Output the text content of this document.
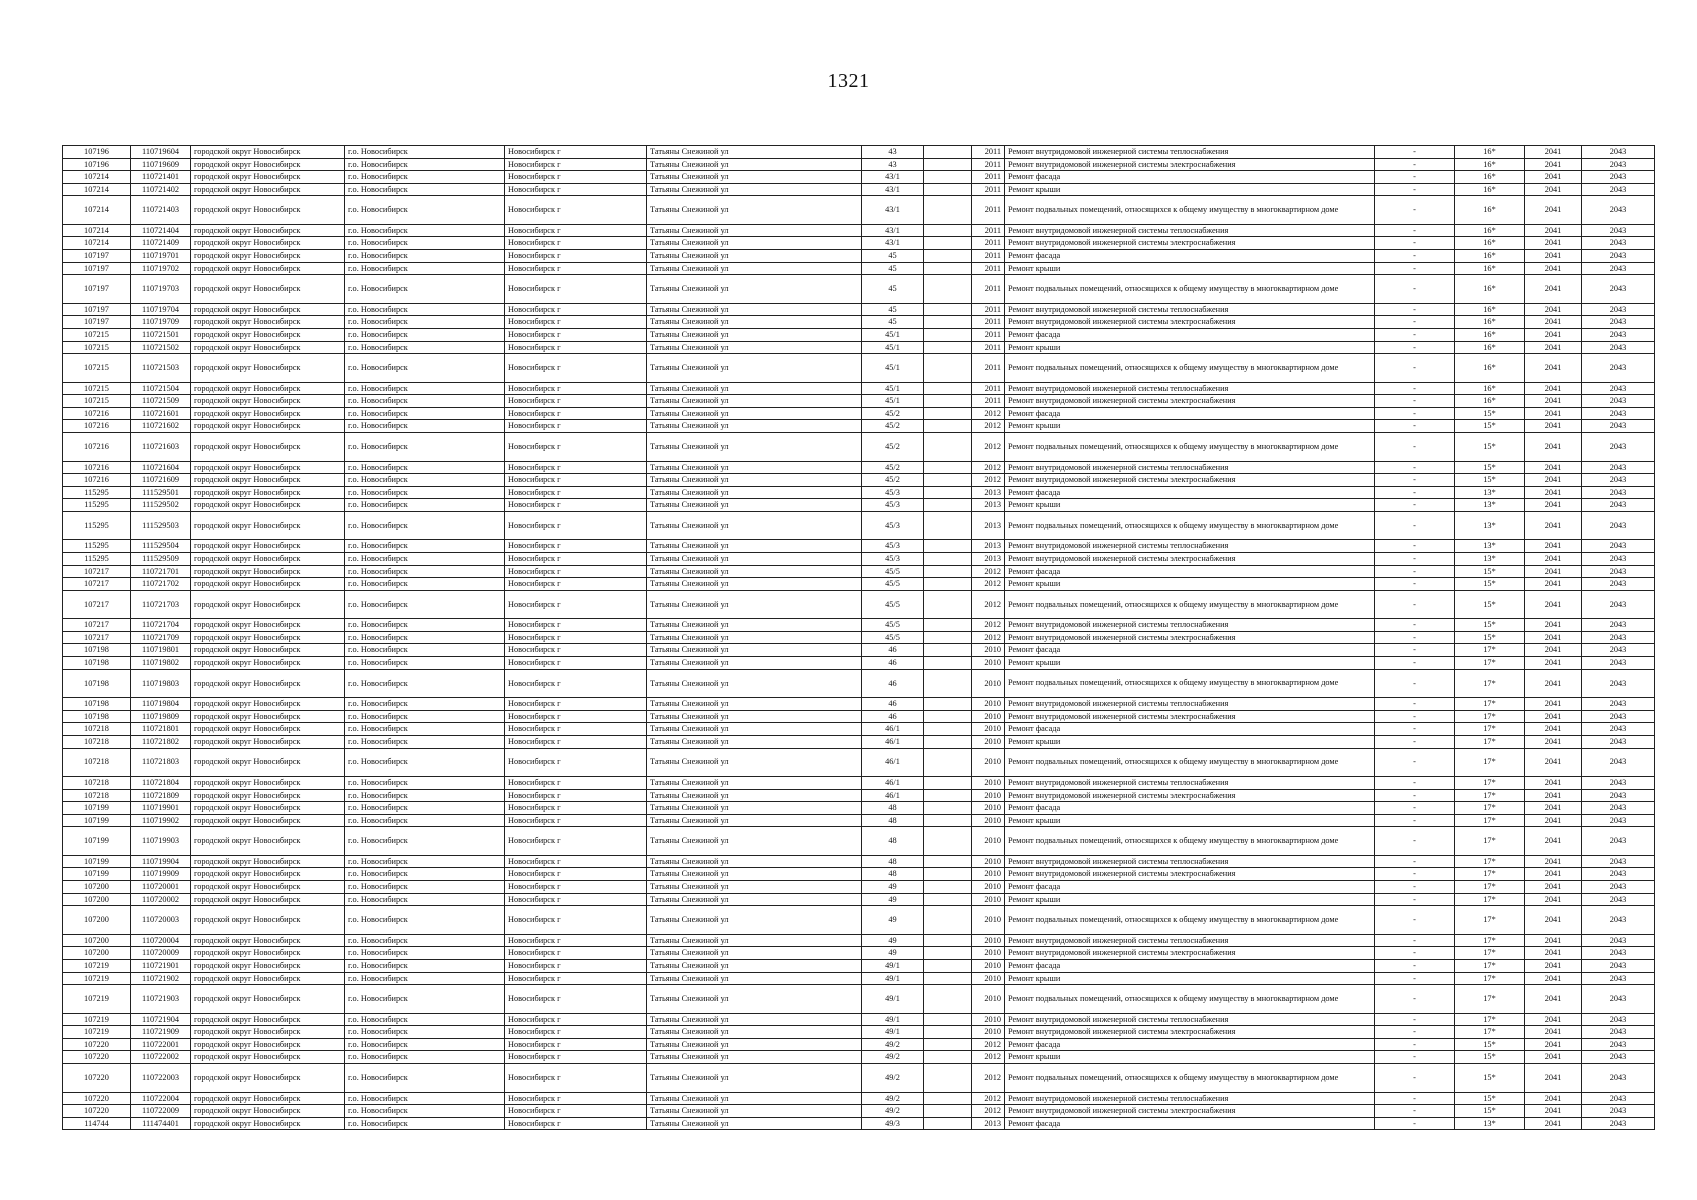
1321
107196	110719604	городской округ Новосибирск	г.о. Новосибирск	Новосибирск г	Татьяны Снежиной ул	43		2011	Ремонт внутридомовой инженерной системы теплоснабжения	-	16*	2041	2043
107196	110719609	городской округ Новосибирск	г.о. Новосибирск	Новосибирск г	Татьяны Снежиной ул	43		2011	Ремонт внутридомовой инженерной системы электроснабжения	-	16*	2041	2043
107214	110721401	городской округ Новосибирск	г.о. Новосибирск	Новосибирск г	Татьяны Снежиной ул	43/1		2011	Ремонт фасада	-	16*	2041	2043
107214	110721402	городской округ Новосибирск	г.о. Новосибирск	Новосибирск г	Татьяны Снежиной ул	43/1		2011	Ремонт крыши	-	16*	2041	2043
107214	110721403	городской округ Новосибирск	г.о. Новосибирск	Новосибирск г	Татьяны Снежиной ул	43/1		2011	Ремонт подвальных помещений, относящихся к общему имуществу в многоквартирном доме	-	16*	2041	2043
107214	110721404	городской округ Новосибирск	г.о. Новосибирск	Новосибирск г	Татьяны Снежиной ул	43/1		2011	Ремонт внутридомовой инженерной системы теплоснабжения	-	16*	2041	2043
107214	110721409	городской округ Новосибирск	г.о. Новосибирск	Новосибирск г	Татьяны Снежиной ул	43/1		2011	Ремонт внутридомовой инженерной системы электроснабжения	-	16*	2041	2043
107197	110719701	городской округ Новосибирск	г.о. Новосибирск	Новосибирск г	Татьяны Снежиной ул	45		2011	Ремонт фасада	-	16*	2041	2043
107197	110719702	городской округ Новосибирск	г.о. Новосибирск	Новосибирск г	Татьяны Снежиной ул	45		2011	Ремонт крыши	-	16*	2041	2043
107197	110719703	городской округ Новосибирск	г.о. Новосибирск	Новосибирск г	Татьяны Снежиной ул	45		2011	Ремонт подвальных помещений, относящихся к общему имуществу в многоквартирном доме	-	16*	2041	2043
107197	110719704	городской округ Новосибирск	г.о. Новосибирск	Новосибирск г	Татьяны Снежиной ул	45		2011	Ремонт внутридомовой инженерной системы теплоснабжения	-	16*	2041	2043
107197	110719709	городской округ Новосибирск	г.о. Новосибирск	Новосибирск г	Татьяны Снежиной ул	45		2011	Ремонт внутридомовой инженерной системы электроснабжения	-	16*	2041	2043
107215	110721501	городской округ Новосибирск	г.о. Новосибирск	Новосибирск г	Татьяны Снежиной ул	45/1		2011	Ремонт фасада	-	16*	2041	2043
107215	110721502	городской округ Новосибирск	г.о. Новосибирск	Новосибирск г	Татьяны Снежиной ул	45/1		2011	Ремонт крыши	-	16*	2041	2043
107215	110721503	городской округ Новосибирск	г.о. Новосибирск	Новосибирск г	Татьяны Снежиной ул	45/1		2011	Ремонт подвальных помещений, относящихся к общему имуществу в многоквартирном доме	-	16*	2041	2043
107215	110721504	городской округ Новосибирск	г.о. Новосибирск	Новосибирск г	Татьяны Снежиной ул	45/1		2011	Ремонт внутридомовой инженерной системы теплоснабжения	-	16*	2041	2043
107215	110721509	городской округ Новосибирск	г.о. Новосибирск	Новосибирск г	Татьяны Снежиной ул	45/1		2011	Ремонт внутридомовой инженерной системы электроснабжения	-	16*	2041	2043
107216	110721601	городской округ Новосибирск	г.о. Новосибирск	Новосибирск г	Татьяны Снежиной ул	45/2		2012	Ремонт фасада	-	15*	2041	2043
107216	110721602	городской округ Новосибирск	г.о. Новосибирск	Новосибирск г	Татьяны Снежиной ул	45/2		2012	Ремонт крыши	-	15*	2041	2043
107216	110721603	городской округ Новосибирск	г.о. Новосибирск	Новосибирск г	Татьяны Снежиной ул	45/2		2012	Ремонт подвальных помещений, относящихся к общему имуществу в многоквартирном доме	-	15*	2041	2043
107216	110721604	городской округ Новосибирск	г.о. Новосибирск	Новосибирск г	Татьяны Снежиной ул	45/2		2012	Ремонт внутридомовой инженерной системы теплоснабжения	-	15*	2041	2043
107216	110721609	городской округ Новосибирск	г.о. Новосибирск	Новосибирск г	Татьяны Снежиной ул	45/2		2012	Ремонт внутридомовой инженерной системы электроснабжения	-	15*	2041	2043
115295	111529501	городской округ Новосибирск	г.о. Новосибирск	Новосибирск г	Татьяны Снежиной ул	45/3		2013	Ремонт фасада	-	13*	2041	2043
115295	111529502	городской округ Новосибирск	г.о. Новосибирск	Новосибирск г	Татьяны Снежиной ул	45/3		2013	Ремонт крыши	-	13*	2041	2043
115295	111529503	городской округ Новосибирск	г.о. Новосибирск	Новосибирск г	Татьяны Снежиной ул	45/3		2013	Ремонт подвальных помещений, относящихся к общему имуществу в многоквартирном доме	-	13*	2041	2043
115295	111529504	городской округ Новосибирск	г.о. Новосибирск	Новосибирск г	Татьяны Снежиной ул	45/3		2013	Ремонт внутридомовой инженерной системы теплоснабжения	-	13*	2041	2043
115295	111529509	городской округ Новосибирск	г.о. Новосибирск	Новосибирск г	Татьяны Снежиной ул	45/3		2013	Ремонт внутридомовой инженерной системы электроснабжения	-	13*	2041	2043
107217	110721701	городской округ Новосибирск	г.о. Новосибирск	Новосибирск г	Татьяны Снежиной ул	45/5		2012	Ремонт фасада	-	15*	2041	2043
107217	110721702	городской округ Новосибирск	г.о. Новосибирск	Новосибирск г	Татьяны Снежиной ул	45/5		2012	Ремонт крыши	-	15*	2041	2043
107217	110721703	городской округ Новосибирск	г.о. Новосибирск	Новосибирск г	Татьяны Снежиной ул	45/5		2012	Ремонт подвальных помещений, относящихся к общему имуществу в многоквартирном доме	-	15*	2041	2043
107217	110721704	городской округ Новосибирск	г.о. Новосибирск	Новосибирск г	Татьяны Снежиной ул	45/5		2012	Ремонт внутридомовой инженерной системы теплоснабжения	-	15*	2041	2043
107217	110721709	городской округ Новосибирск	г.о. Новосибирск	Новосибирск г	Татьяны Снежиной ул	45/5		2012	Ремонт внутридомовой инженерной системы электроснабжения	-	15*	2041	2043
107198	110719801	городской округ Новосибирск	г.о. Новосибирск	Новосибирск г	Татьяны Снежиной ул	46		2010	Ремонт фасада	-	17*	2041	2043
107198	110719802	городской округ Новосибирск	г.о. Новосибирск	Новосибирск г	Татьяны Снежиной ул	46		2010	Ремонт крыши	-	17*	2041	2043
107198	110719803	городской округ Новосибирск	г.о. Новосибирск	Новосибирск г	Татьяны Снежиной ул	46		2010	Ремонт подвальных помещений, относящихся к общему имуществу в многоквартирном доме	-	17*	2041	2043
107198	110719804	городской округ Новосибирск	г.о. Новосибирск	Новосибирск г	Татьяны Снежиной ул	46		2010	Ремонт внутридомовой инженерной системы теплоснабжения	-	17*	2041	2043
107198	110719809	городской округ Новосибирск	г.о. Новосибирск	Новосибирск г	Татьяны Снежиной ул	46		2010	Ремонт внутридомовой инженерной системы электроснабжения	-	17*	2041	2043
107218	110721801	городской округ Новосибирск	г.о. Новосибирск	Новосибирск г	Татьяны Снежиной ул	46/1		2010	Ремонт фасада	-	17*	2041	2043
107218	110721802	городской округ Новосибирск	г.о. Новосибирск	Новосибирск г	Татьяны Снежиной ул	46/1		2010	Ремонт крыши	-	17*	2041	2043
107218	110721803	городской округ Новосибирск	г.о. Новосибирск	Новосибирск г	Татьяны Снежиной ул	46/1		2010	Ремонт подвальных помещений, относящихся к общему имуществу в многоквартирном доме	-	17*	2041	2043
107218	110721804	городской округ Новосибирск	г.о. Новосибирск	Новосибирск г	Татьяны Снежиной ул	46/1		2010	Ремонт внутридомовой инженерной системы теплоснабжения	-	17*	2041	2043
107218	110721809	городской округ Новосибирск	г.о. Новосибирск	Новосибирск г	Татьяны Снежиной ул	46/1		2010	Ремонт внутридомовой инженерной системы электроснабжения	-	17*	2041	2043
107199	110719901	городской округ Новосибирск	г.о. Новосибирск	Новосибирск г	Татьяны Снежиной ул	48		2010	Ремонт фасада	-	17*	2041	2043
107199	110719902	городской округ Новосибирск	г.о. Новосибирск	Новосибирск г	Татьяны Снежиной ул	48		2010	Ремонт крыши	-	17*	2041	2043
107199	110719903	городской округ Новосибирск	г.о. Новосибирск	Новосибирск г	Татьяны Снежиной ул	48		2010	Ремонт подвальных помещений, относящихся к общему имуществу в многоквартирном доме	-	17*	2041	2043
107199	110719904	городской округ Новосибирск	г.о. Новосибирск	Новосибирск г	Татьяны Снежиной ул	48		2010	Ремонт внутридомовой инженерной системы теплоснабжения	-	17*	2041	2043
107199	110719909	городской округ Новосибирск	г.о. Новосибирск	Новосибирск г	Татьяны Снежиной ул	48		2010	Ремонт внутридомовой инженерной системы электроснабжения	-	17*	2041	2043
107200	110720001	городской округ Новосибирск	г.о. Новосибирск	Новосибирск г	Татьяны Снежиной ул	49		2010	Ремонт фасада	-	17*	2041	2043
107200	110720002	городской округ Новосибирск	г.о. Новосибирск	Новосибирск г	Татьяны Снежиной ул	49		2010	Ремонт крыши	-	17*	2041	2043
107200	110720003	городской округ Новосибирск	г.о. Новосибирск	Новосибирск г	Татьяны Снежиной ул	49		2010	Ремонт подвальных помещений, относящихся к общему имуществу в многоквартирном доме	-	17*	2041	2043
107200	110720004	городской округ Новосибирск	г.о. Новосибирск	Новосибирск г	Татьяны Снежиной ул	49		2010	Ремонт внутридомовой инженерной системы теплоснабжения	-	17*	2041	2043
107200	110720009	городской округ Новосибирск	г.о. Новосибирск	Новосибирск г	Татьяны Снежиной ул	49		2010	Ремонт внутридомовой инженерной системы электроснабжения	-	17*	2041	2043
107219	110721901	городской округ Новосибирск	г.о. Новосибирск	Новосибирск г	Татьяны Снежиной ул	49/1		2010	Ремонт фасада	-	17*	2041	2043
107219	110721902	городской округ Новосибирск	г.о. Новосибирск	Новосибирск г	Татьяны Снежиной ул	49/1		2010	Ремонт крыши	-	17*	2041	2043
107219	110721903	городской округ Новосибирск	г.о. Новосибирск	Новосибирск г	Татьяны Снежиной ул	49/1		2010	Ремонт подвальных помещений, относящихся к общему имуществу в многоквартирном доме	-	17*	2041	2043
107219	110721904	городской округ Новосибирск	г.о. Новосибирск	Новосибирск г	Татьяны Снежиной ул	49/1		2010	Ремонт внутридомовой инженерной системы теплоснабжения	-	17*	2041	2043
107219	110721909	городской округ Новосибирск	г.о. Новосибирск	Новосибирск г	Татьяны Снежиной ул	49/1		2010	Ремонт внутридомовой инженерной системы электроснабжения	-	17*	2041	2043
107220	110722001	городской округ Новосибирск	г.о. Новосибирск	Новосибирск г	Татьяны Снежиной ул	49/2		2012	Ремонт фасада	-	15*	2041	2043
107220	110722002	городской округ Новосибирск	г.о. Новосибирск	Новосибирск г	Татьяны Снежиной ул	49/2		2012	Ремонт крыши	-	15*	2041	2043
107220	110722003	городской округ Новосибирск	г.о. Новосибирск	Новосибирск г	Татьяны Снежиной ул	49/2		2012	Ремонт подвальных помещений, относящихся к общему имуществу в многоквартирном доме	-	15*	2041	2043
107220	110722004	городской округ Новосибирск	г.о. Новосибирск	Новосибирск г	Татьяны Снежиной ул	49/2		2012	Ремонт внутридомовой инженерной системы теплоснабжения	-	15*	2041	2043
107220	110722009	городской округ Новосибирск	г.о. Новосибирск	Новосибирск г	Татьяны Снежиной ул	49/2		2012	Ремонт внутридомовой инженерной системы электроснабжения	-	15*	2041	2043
114744	111474401	городской округ Новосибирск	г.о. Новосибирск	Новосибирск г	Татьяны Снежиной ул	49/3		2013	Ремонт фасада	-	13*	2041	2043
